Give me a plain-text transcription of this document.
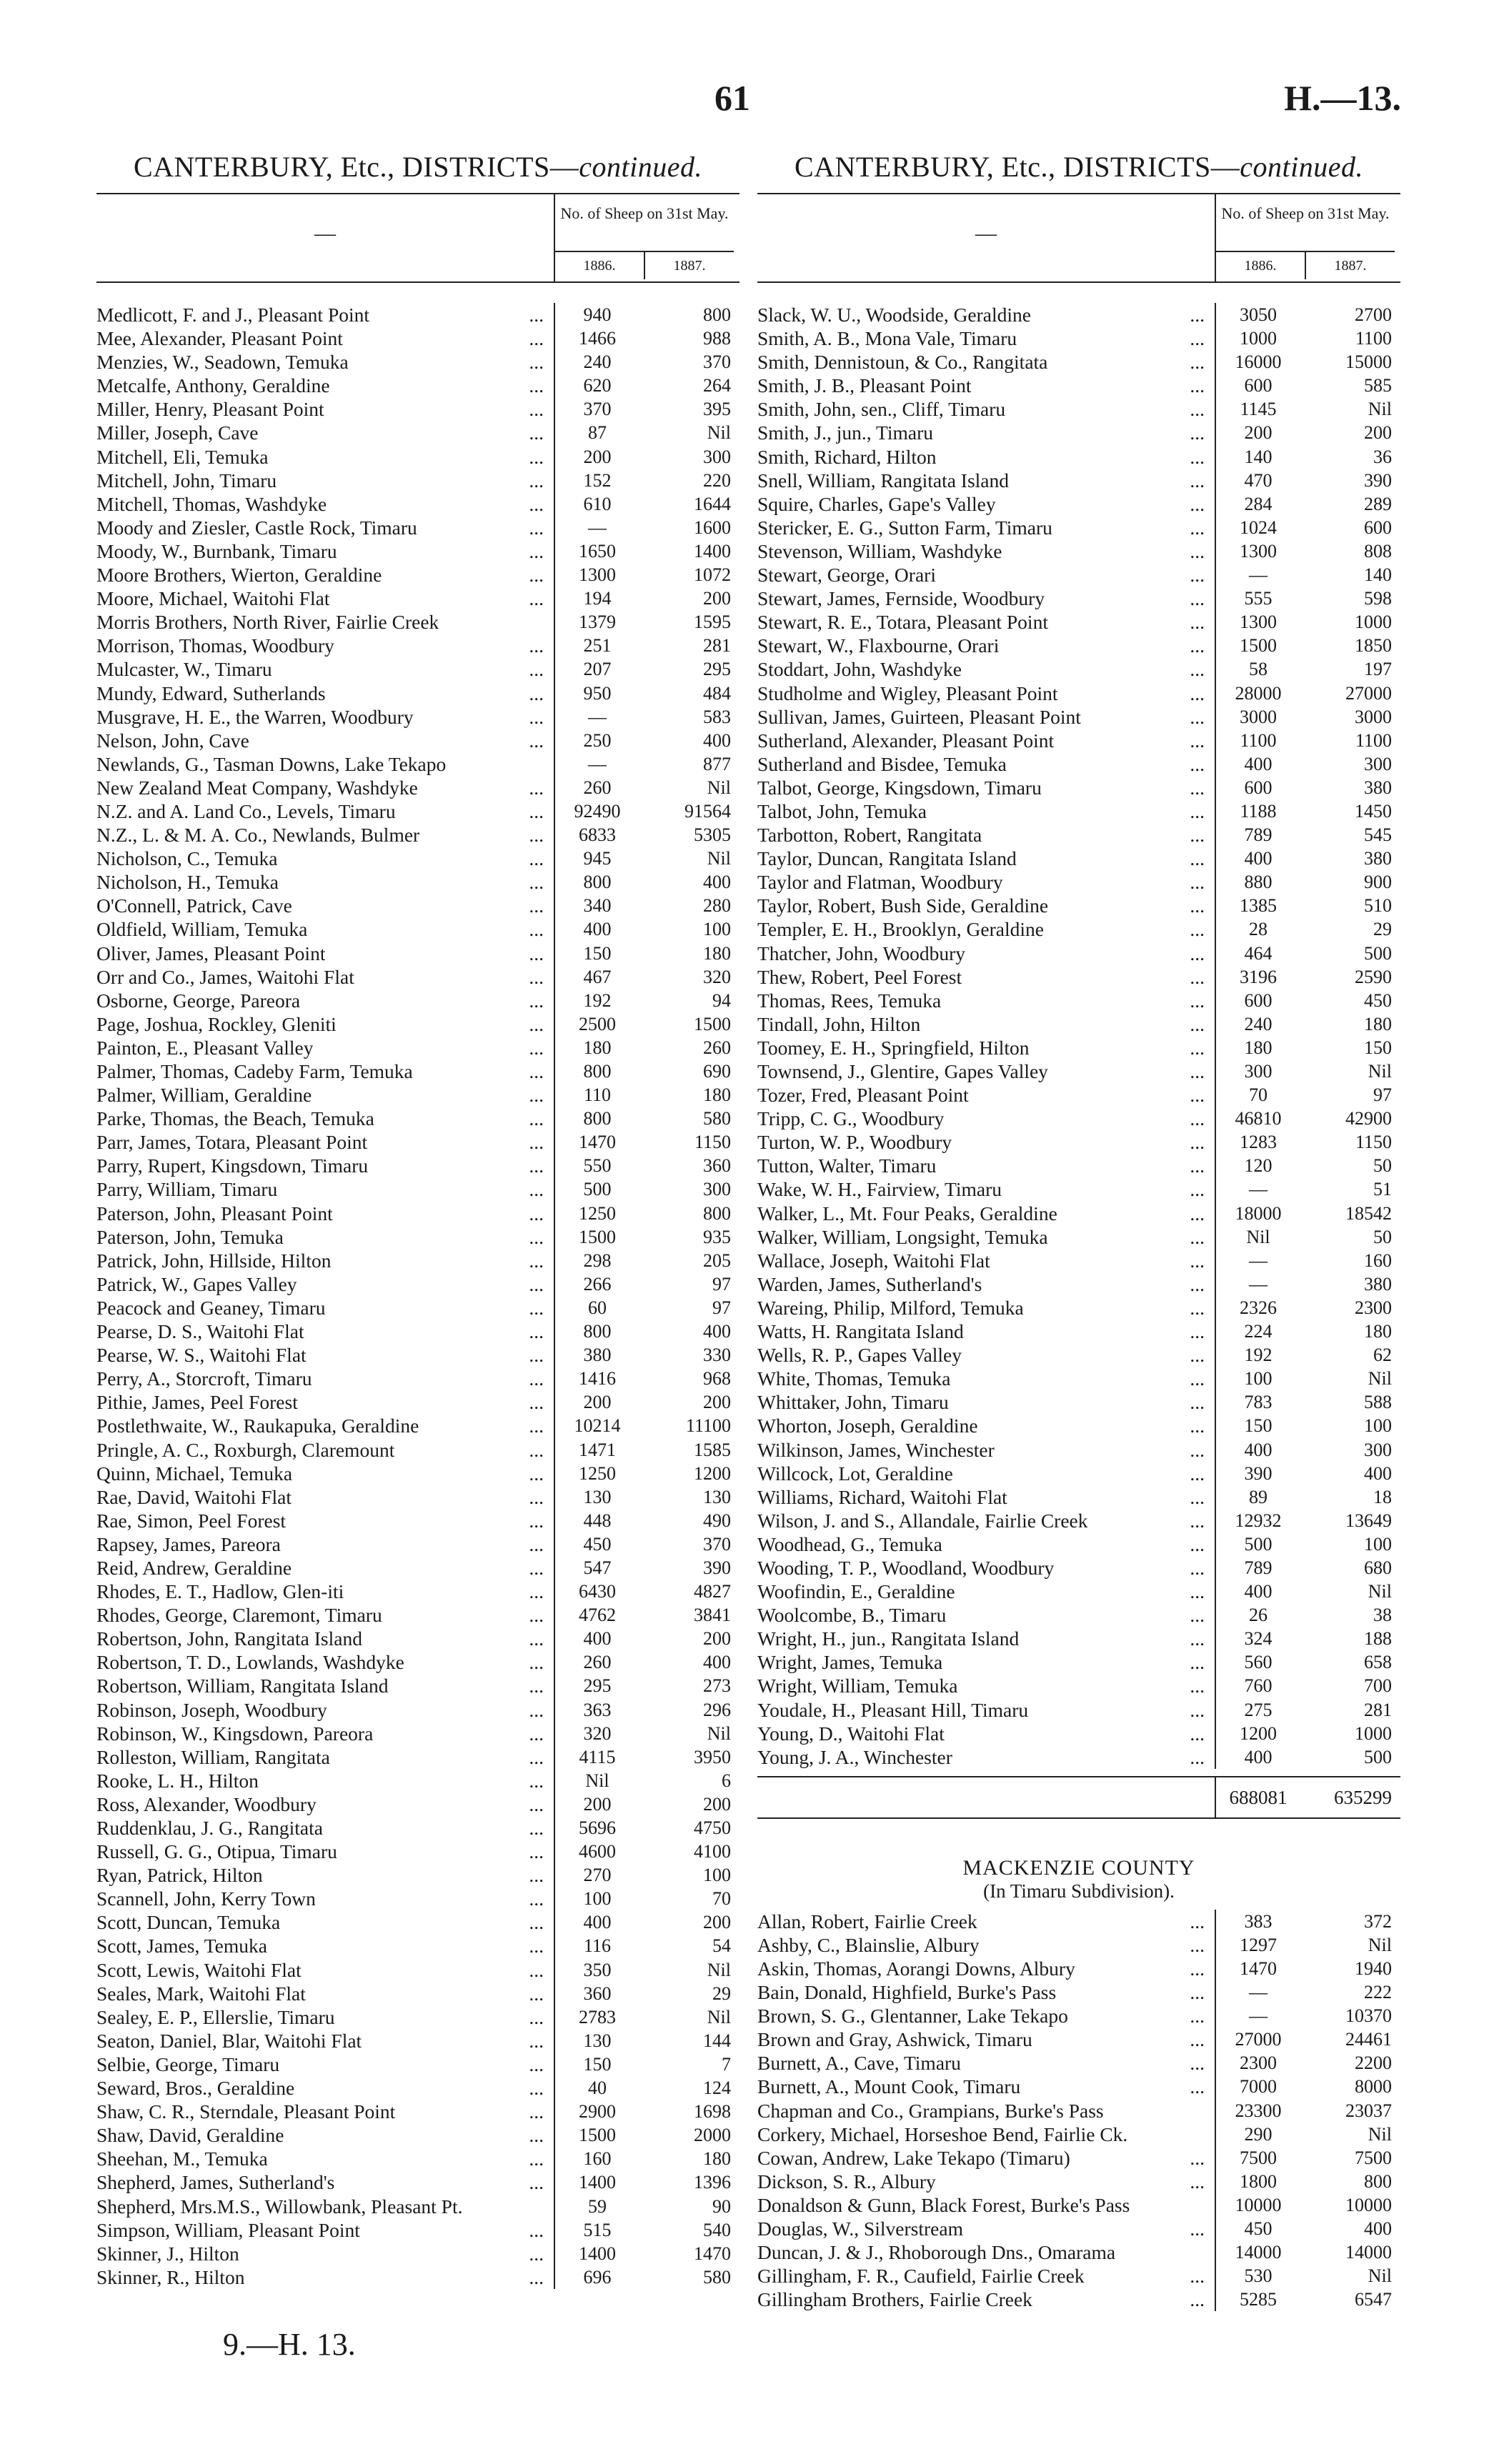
61	H.—13.
CANTERBURY, Etc., DISTRICTS—continued.
—
No. of Sheep on 31st May.
1886.	1887.
Medlicott, F. and J., Pleasant Point	...	940	800
Mee, Alexander, Pleasant Point	...	1466	988
Menzies, W., Seadown, Temuka	...	240	370
Metcalfe, Anthony, Geraldine	...	620	264
Miller, Henry, Pleasant Point	...	370	395
Miller, Joseph, Cave	...	87	Nil
Mitchell, Eli, Temuka	...	200	300
Mitchell, John, Timaru	...	152	220
Mitchell, Thomas, Washdyke	...	610	1644
Moody and Ziesler, Castle Rock, Timaru	...	—	1600
Moody, W., Burnbank, Timaru	...	1650	1400
Moore Brothers, Wierton, Geraldine	...	1300	1072
Moore, Michael, Waitohi Flat	...	194	200
Morris Brothers, North River, Fairlie Creek	1379	1595
Morrison, Thomas, Woodbury	...	251	281
Mulcaster, W., Timaru	...	207	295
Mundy, Edward, Sutherlands	...	950	484
Musgrave, H. E., the Warren, Woodbury	...	—	583
Nelson, John, Cave	...	250	400
Newlands, G., Tasman Downs, Lake Tekapo	—	877
New Zealand Meat Company, Washdyke	...	260	Nil
N.Z. and A. Land Co., Levels, Timaru	...	92490	91564
N.Z., L. & M. A. Co., Newlands, Bulmer	...	6833	5305
Nicholson, C., Temuka	...	945	Nil
Nicholson, H., Temuka	...	800	400
O'Connell, Patrick, Cave	...	340	280
Oldfield, William, Temuka	...	400	100
Oliver, James, Pleasant Point	...	150	180
Orr and Co., James, Waitohi Flat	...	467	320
Osborne, George, Pareora	...	192	94
Page, Joshua, Rockley, Gleniti	...	2500	1500
Painton, E., Pleasant Valley	...	180	260
Palmer, Thomas, Cadeby Farm, Temuka	...	800	690
Palmer, William, Geraldine	...	110	180
Parke, Thomas, the Beach, Temuka	...	800	580
Parr, James, Totara, Pleasant Point	...	1470	1150
Parry, Rupert, Kingsdown, Timaru	...	550	360
Parry, William, Timaru	...	500	300
Paterson, John, Pleasant Point	...	1250	800
Paterson, John, Temuka	...	1500	935
Patrick, John, Hillside, Hilton	...	298	205
Patrick, W., Gapes Valley	...	266	97
Peacock and Geaney, Timaru	...	60	97
Pearse, D. S., Waitohi Flat	...	800	400
Pearse, W. S., Waitohi Flat	...	380	330
Perry, A., Storcroft, Timaru	...	1416	968
Pithie, James, Peel Forest	...	200	200
Postlethwaite, W., Raukapuka, Geraldine	...	10214	11100
Pringle, A. C., Roxburgh, Claremount	...	1471	1585
Quinn, Michael, Temuka	...	1250	1200
Rae, David, Waitohi Flat	...	130	130
Rae, Simon, Peel Forest	...	448	490
Rapsey, James, Pareora	...	450	370
Reid, Andrew, Geraldine	...	547	390
Rhodes, E. T., Hadlow, Glen-iti	...	6430	4827
Rhodes, George, Claremont, Timaru	...	4762	3841
Robertson, John, Rangitata Island	...	400	200
Robertson, T. D., Lowlands, Washdyke	...	260	400
Robertson, William, Rangitata Island	...	295	273
Robinson, Joseph, Woodbury	...	363	296
Robinson, W., Kingsdown, Pareora	...	320	Nil
Rolleston, William, Rangitata	...	4115	3950
Rooke, L. H., Hilton	...	Nil	6
Ross, Alexander, Woodbury	...	200	200
Ruddenklau, J. G., Rangitata	...	5696	4750
Russell, G. G., Otipua, Timaru	...	4600	4100
Ryan, Patrick, Hilton	...	270	100
Scannell, John, Kerry Town	...	100	70
Scott, Duncan, Temuka	...	400	200
Scott, James, Temuka	...	116	54
Scott, Lewis, Waitohi Flat	...	350	Nil
Seales, Mark, Waitohi Flat	...	360	29
Sealey, E. P., Ellerslie, Timaru	...	2783	Nil
Seaton, Daniel, Blar, Waitohi Flat	...	130	144
Selbie, George, Timaru	...	150	7
Seward, Bros., Geraldine	...	40	124
Shaw, C. R., Sterndale, Pleasant Point	...	2900	1698
Shaw, David, Geraldine	...	1500	2000
Sheehan, M., Temuka	...	160	180
Shepherd, James, Sutherland's	...	1400	1396
Shepherd, Mrs.M.S., Willowbank, Pleasant Pt.	59	90
Simpson, William, Pleasant Point	...	515	540
Skinner, J., Hilton	...	1400	1470
Skinner, R., Hilton	...	696	580
CANTERBURY, Etc., DISTRICTS—continued.
—
No. of Sheep on 31st May.
1886.	1887.
Slack, W. U., Woodside, Geraldine	...	3050	2700
Smith, A. B., Mona Vale, Timaru	...	1000	1100
Smith, Dennistoun, & Co., Rangitata	...	16000	15000
Smith, J. B., Pleasant Point	...	600	585
Smith, John, sen., Cliff, Timaru	...	1145	Nil
Smith, J., jun., Timaru	...	200	200
Smith, Richard, Hilton	...	140	36
Snell, William, Rangitata Island	...	470	390
Squire, Charles, Gape's Valley	...	284	289
Stericker, E. G., Sutton Farm, Timaru	...	1024	600
Stevenson, William, Washdyke	...	1300	808
Stewart, George, Orari	...	—	140
Stewart, James, Fernside, Woodbury	...	555	598
Stewart, R. E., Totara, Pleasant Point	...	1300	1000
Stewart, W., Flaxbourne, Orari	...	1500	1850
Stoddart, John, Washdyke	...	58	197
Studholme and Wigley, Pleasant Point	...	28000	27000
Sullivan, James, Guirteen, Pleasant Point	...	3000	3000
Sutherland, Alexander, Pleasant Point	...	1100	1100
Sutherland and Bisdee, Temuka	...	400	300
Talbot, George, Kingsdown, Timaru	...	600	380
Talbot, John, Temuka	...	1188	1450
Tarbotton, Robert, Rangitata	...	789	545
Taylor, Duncan, Rangitata Island	...	400	380
Taylor and Flatman, Woodbury	...	880	900
Taylor, Robert, Bush Side, Geraldine	...	1385	510
Templer, E. H., Brooklyn, Geraldine	...	28	29
Thatcher, John, Woodbury	...	464	500
Thew, Robert, Peel Forest	...	3196	2590
Thomas, Rees, Temuka	...	600	450
Tindall, John, Hilton	...	240	180
Toomey, E. H., Springfield, Hilton	...	180	150
Townsend, J., Glentire, Gapes Valley	...	300	Nil
Tozer, Fred, Pleasant Point	...	70	97
Tripp, C. G., Woodbury	...	46810	42900
Turton, W. P., Woodbury	...	1283	1150
Tutton, Walter, Timaru	...	120	50
Wake, W. H., Fairview, Timaru	...	—	51
Walker, L., Mt. Four Peaks, Geraldine	...	18000	18542
Walker, William, Longsight, Temuka	...	Nil	50
Wallace, Joseph, Waitohi Flat	...	—	160
Warden, James, Sutherland's	...	—	380
Wareing, Philip, Milford, Temuka	...	2326	2300
Watts, H. Rangitata Island	...	224	180
Wells, R. P., Gapes Valley	...	192	62
White, Thomas, Temuka	...	100	Nil
Whittaker, John, Timaru	...	783	588
Whorton, Joseph, Geraldine	...	150	100
Wilkinson, James, Winchester	...	400	300
Willcock, Lot, Geraldine	...	390	400
Williams, Richard, Waitohi Flat	...	89	18
Wilson, J. and S., Allandale, Fairlie Creek	...	12932	13649
Woodhead, G., Temuka	...	500	100
Wooding, T. P., Woodland, Woodbury	...	789	680
Woofindin, E., Geraldine	...	400	Nil
Woolcombe, B., Timaru	...	26	38
Wright, H., jun., Rangitata Island	...	324	188
Wright, James, Temuka	...	560	658
Wright, William, Temuka	...	760	700
Youdale, H., Pleasant Hill, Timaru	...	275	281
Young, D., Waitohi Flat	...	1200	1000
Young, J. A., Winchester	...	400	500
688081	635299
MACKENZIE COUNTY
(In Timaru Subdivision).
Allan, Robert, Fairlie Creek	...	383	372
Ashby, C., Blainslie, Albury	...	1297	Nil
Askin, Thomas, Aorangi Downs, Albury	...	1470	1940
Bain, Donald, Highfield, Burke's Pass	...	—	222
Brown, S. G., Glentanner, Lake Tekapo	...	—	10370
Brown and Gray, Ashwick, Timaru	...	27000	24461
Burnett, A., Cave, Timaru	...	2300	2200
Burnett, A., Mount Cook, Timaru	...	7000	8000
Chapman and Co., Grampians, Burke's Pass	23300	23037
Corkery, Michael, Horseshoe Bend, Fairlie Ck.	290	Nil
Cowan, Andrew, Lake Tekapo (Timaru)	...	7500	7500
Dickson, S. R., Albury	...	1800	800
Donaldson & Gunn, Black Forest, Burke's Pass	10000	10000
Douglas, W., Silverstream	...	450	400
Duncan, J. & J., Rhoborough Dns., Omarama	14000	14000
Gillingham, F. R., Caufield, Fairlie Creek	...	530	Nil
Gillingham Brothers, Fairlie Creek	...	5285	6547
9.—H. 13.
